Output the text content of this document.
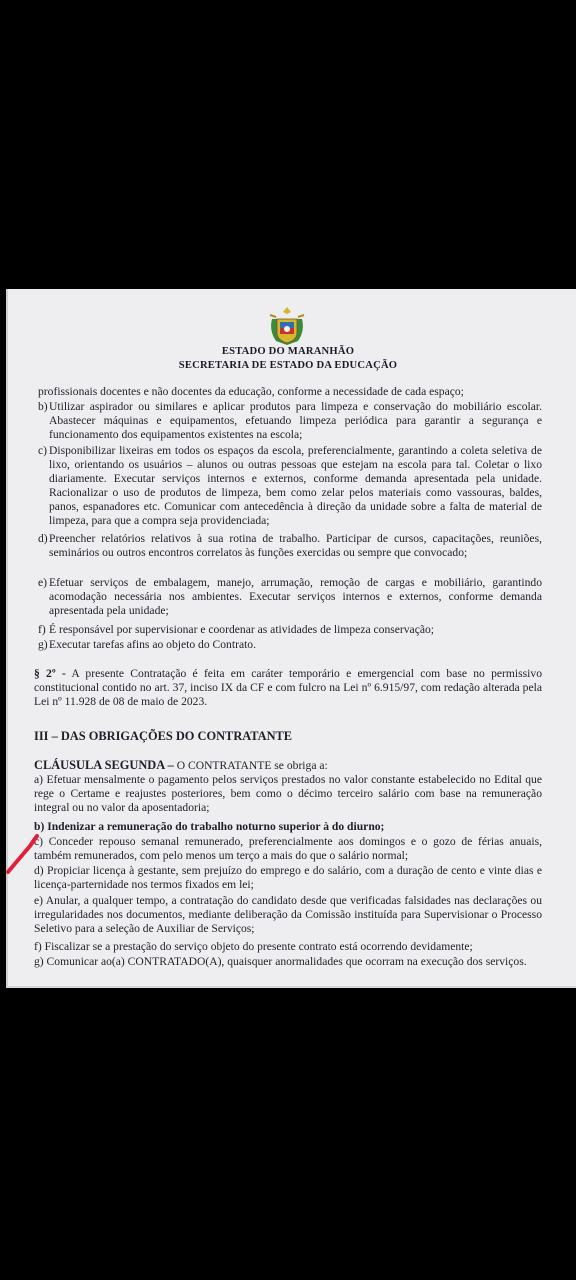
ESTADO DO MARANHÃO
SECRETARIA DE ESTADO DA EDUCAÇÃO
profissionais docentes e não docentes da educação, conforme a necessidade de cada espaço;
b) Utilizar aspirador ou similares e aplicar produtos para limpeza e conservação do mobiliário escolar. Abastecer máquinas e equipamentos, efetuando limpeza periódica para garantir a segurança e funcionamento dos equipamentos existentes na escola;
c) Disponibilizar lixeiras em todos os espaços da escola, preferencialmente, garantindo a coleta seletiva de lixo, orientando os usuários – alunos ou outras pessoas que estejam na escola para tal. Coletar o lixo diariamente. Executar serviços internos e externos, conforme demanda apresentada pela unidade. Racionalizar o uso de produtos de limpeza, bem como zelar pelos materiais como vassouras, baldes, panos, espanadores etc. Comunicar com antecedência à direção da unidade sobre a falta de material de limpeza, para que a compra seja providenciada;
d) Preencher relatórios relativos à sua rotina de trabalho. Participar de cursos, capacitações, reuniões, seminários ou outros encontros correlatos às funções exercidas ou sempre que convocado;
e) Efetuar serviços de embalagem, manejo, arrumação, remoção de cargas e mobiliário, garantindo acomodação necessária nos ambientes. Executar serviços internos e externos, conforme demanda apresentada pela unidade;
f) É responsável por supervisionar e coordenar as atividades de limpeza conservação;
g) Executar tarefas afins ao objeto do Contrato.
§ 2º - A presente Contratação é feita em caráter temporário e emergencial com base no permissivo constitucional contido no art. 37, inciso IX da CF e com fulcro na Lei nº 6.915/97, com redação alterada pela Lei nº 11.928 de 08 de maio de 2023.
III – DAS OBRIGAÇÕES DO CONTRATANTE
CLÁUSULA SEGUNDA – O CONTRATANTE se obriga a:
a) Efetuar mensalmente o pagamento pelos serviços prestados no valor constante estabelecido no Edital que rege o Certame e reajustes posteriores, bem como o décimo terceiro salário com base na remuneração integral ou no valor da aposentadoria;
b) Indenizar a remuneração do trabalho noturno superior à do diurno;
c) Conceder repouso semanal remunerado, preferencialmente aos domingos e o gozo de férias anuais, também remunerados, com pelo menos um terço a mais do que o salário normal;
d) Propiciar licença à gestante, sem prejuízo do emprego e do salário, com a duração de cento e vinte dias e licença-parternidade nos termos fixados em lei;
e) Anular, a qualquer tempo, a contratação do candidato desde que verificadas falsidades nas declarações ou irregularidades nos documentos, mediante deliberação da Comissão instituída para Supervisionar o Processo Seletivo para a seleção de Auxiliar de Serviços;
f) Fiscalizar se a prestação do serviço objeto do presente contrato está ocorrendo devidamente;
g) Comunicar ao(a) CONTRATADO(A), quaisquer anormalidades que ocorram na execução dos serviços.
